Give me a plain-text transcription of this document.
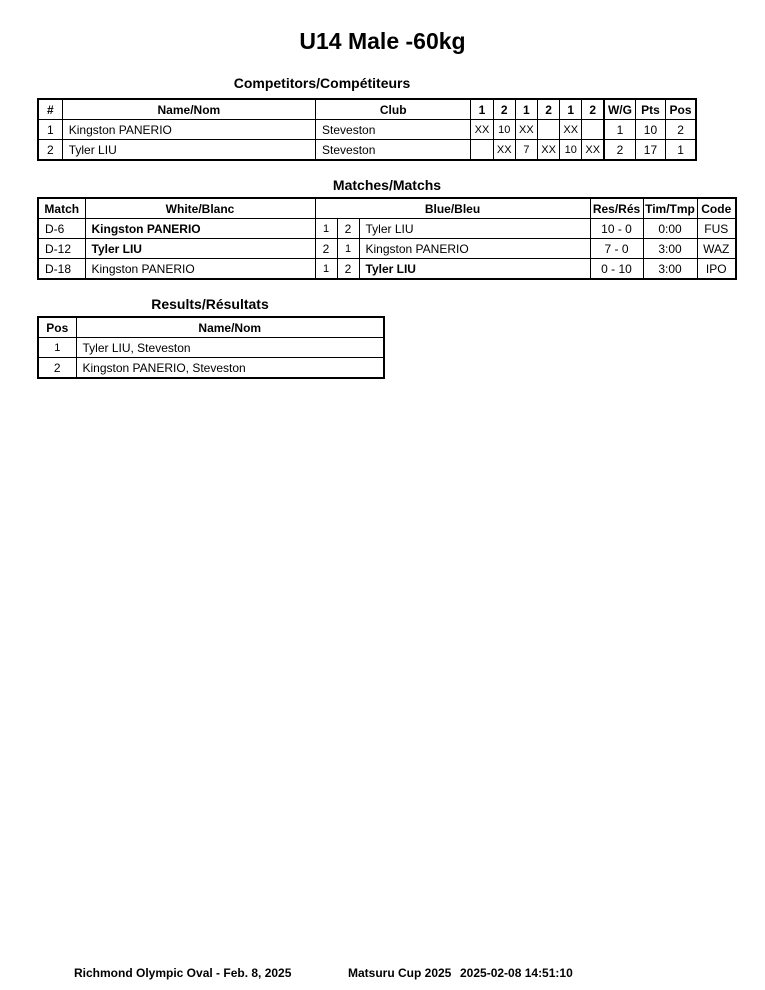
U14 Male -60kg
Competitors/Compétiteurs
#	Name/Nom	Club	1	2	1	2	1	2	W/G	Pts	Pos
1	Kingston PANERIO	Steveston	XX	10	XX		XX		1	10	2
2	Tyler LIU	Steveston		XX	7	XX	10	XX	2	17	1
Matches/Matchs
Match	White/Blanc	Blue/Bleu			Res/Rés	Tim/Tmp	Code
D-6	Kingston PANERIO	1	2	Tyler LIU	10 - 0	0:00	FUS
D-12	Tyler LIU	2	1	Kingston PANERIO	7 - 0	3:00	WAZ
D-18	Kingston PANERIO	1	2	Tyler LIU	0 - 10	3:00	IPO
Results/Résultats
Pos	Name/Nom
1	Tyler LIU, Steveston
2	Kingston PANERIO, Steveston
Richmond Olympic Oval - Feb. 8, 2025	Matsuru Cup 2025 2025-02-08 14:51:10
